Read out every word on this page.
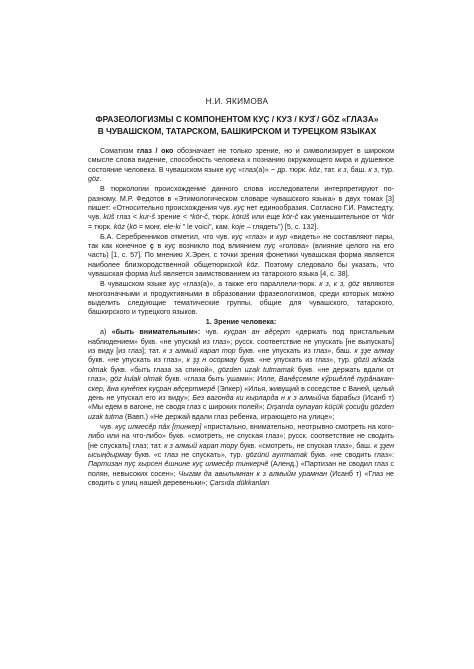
Н.И. ЯКИМОВА
ФРАЗЕОЛОГИЗМЫ С КОМПОНЕНТОМ КУÇ / КУЗ / КУЗ̌ / GÖZ «ГЛАЗА»
В ЧУВАШСКОМ, ТАТАРСКОМ, БАШКИРСКОМ И ТУРЕЦКОМ ЯЗЫКАХ

Соматизм глаз / око обозначает не только зрение, но и символизирует в широком смысле слова видение, способность человека к познанию окружающего мира и душевное состояние человека. В чувашском языке куç «глаз(а)» ~ др. тюрк. köz, тат. к з, баш. к з, тур. göz.

В тюркологии происхождение данного слова исследователи интерпретируют по-разному. М.Р. Федотов в «Этимологическом словаре чувашского языка» в двух томах [3] пишет: «Относительно происхождения чув. куç нет единообразия. Согласно Г.И. Рамстедту, чув. küš глаз < kur-š зрение < *kör-č, тюрк. körüš или еще kör-č как уменьшительное от *kör = тюрк. köz (kö = монг. ele-ki " le voici", кам. koje – глядеть") [5, с. 132].

Б.А. Серебренников отметил, что чув. куç «глаз» и кур «видеть» не составляют пары, так как конечное ç в куç возникло под влиянием пуç «голова» (влияние целого на его часть) [1, с. 57]. По мнению Х.Эрен, с точки зрения фонетики чувашская форма является наиболее близкородственной общетюркской köz. Поэтому следовало бы указать, что чувашская форма kuš является заимствованием из татарского языка [4, с. 38].

В чувашском языке куç «глаз(а)», а также его параллели-тюрк. к з, к з, göz являются многозначными и продуктивными в образовании фразеологизмов, среди которых можно выделить следующие тематические группы, общие для чувашского, татарского, башкирского и турецкого языков.

1. Зрение человека:

а) «быть внимательным»: чув. куçран ан вĕçерт «держать под пристальным наблюдением» букв. «не упускай из глаз»; русск. соответствие не упускать [не выпускать] из виду [из глаз]; тат. к з алмый карап тор букв. «не упускать из глаз», баш. к ҙҙе алмау букв. «не упускать из глаз», к ҙҙ н осормау букв. «не упускать из глаз», тур. gözü arkada olmak букв. «быть глаза за спиной», gözden uzak tutmamak букв. «не держать вдали от глаз», göz kulak olmak букв. «глаза быть ушами»: Илле, Ванĕçсемпе кӳршĕллĕ пурăнакан-скер, ăна кунĕпех куçран вĕçертмерĕ (Элкер) «Илья, живущий в соседстве с Ваней, целый день не упускал его из виду»; Без вагонда ки кырларда н к з алмыйча барабыз (Исанб т) «Мы едем в вагоне, не сводя глаз с широких полей»; Dışarıda oynayan küçük çocuğu gözden uzak tutma (Вавп.) «Не держай вдали глаз ребенка, играющего на улице»;

чув. куç илмесĕр пăх [тинкер] «пристально, внимательно, неотрывно смотреть на кого-либо или на что-либо» букв. «смотреть, не спуская глаз»; русск. соответствие не сводить [не спускать] глаз; тат. к з алмый карап тору букв. «смотреть, не спуская глаз», баш. к ҙҙен ысыңдырмау букв. «с глаз не спускать», тур. gözünü ayırmamak букв. «не сводить глаз»: Партизан пуç хырсен ĕшнине куç илмесĕр тинкерчĕ (Аленд.) «Партизан не сводил глаз с полян, невысоких сосен»; Чыгам да авылымнан к з алмыйм урамнан (Исанб т) «Глаз не сводить с улиц нашей деревеньки»; Çarsıda dükkanları
